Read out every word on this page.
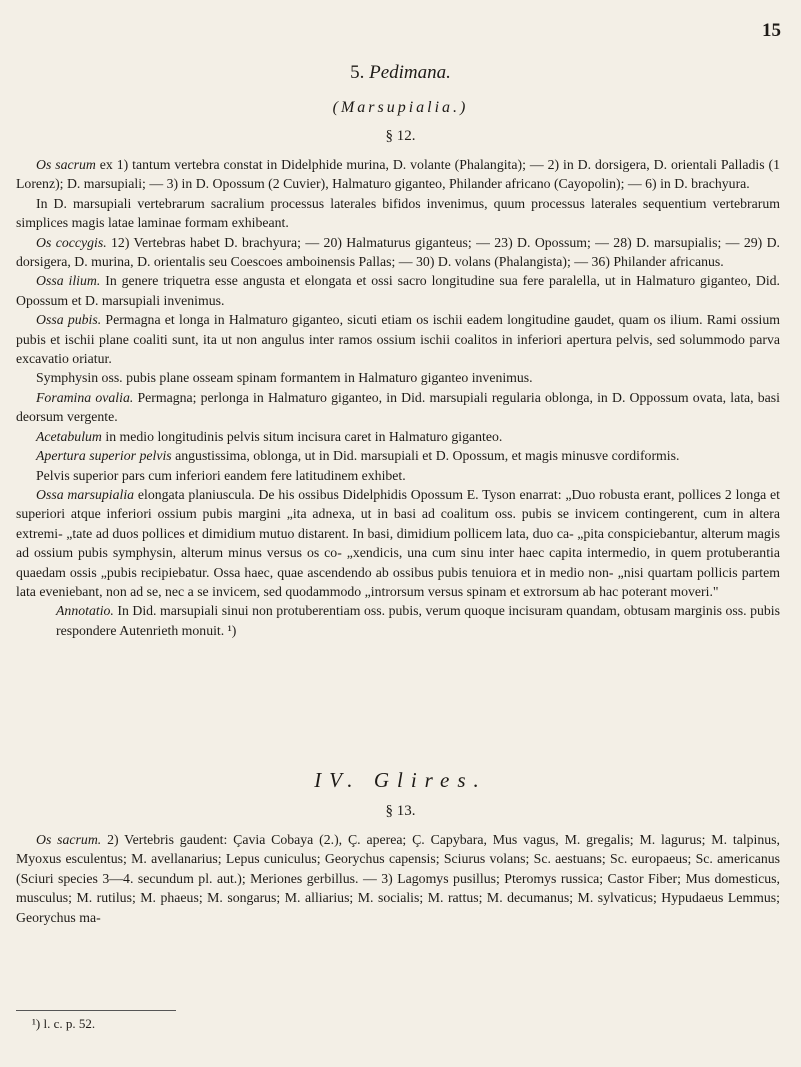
15
5. Pedimana.
(Marsupialia.)
§ 12.

Os sacrum ex 1) tantum vertebra constat in Didelphide murina, D. volante (Phalangita); — 2) in D. dorsigera, D. orientali Palladis (1 Lorenz); D. marsupiali; — 3) in D. Opossum (2 Cuvier), Halmaturo giganteo, Philander africano (Cayopolin); — 6) in D. brachyura.

In D. marsupiali vertebrarum sacralium processus laterales bifidos invenimus, quum processus laterales sequentium vertebrarum simplices magis latae laminae formam exhibeant.

Os coccygis. 12) Vertebras habet D. brachyura; — 20) Halmaturus giganteus; — 23) D. Opossum; — 28) D. marsupialis; — 29) D. dorsigera, D. murina, D. orientalis seu Coescoes amboinensis Pallas; — 30) D. volans (Phalangista); — 36) Philander africanus.

Ossa ilium. In genere triquetra esse angusta et elongata et ossi sacro longitudine sua fere paralella, ut in Halmaturo giganteo, Did. Opossum et D. marsupiali invenimus.

Ossa pubis. Permagna et longa in Halmaturo giganteo, sicuti etiam os ischii eadem longitudine gaudet, quam os ilium. Rami ossium pubis et ischii plane coaliti sunt, ita ut non angulus inter ramos ossium ischii coalitos in inferiori apertura pelvis, sed solummodo parva excavatio oriatur.

Symphysin oss. pubis plane osseam spinam formantem in Halmaturo giganteo invenimus.

Foramina ovalia. Permagna; perlonga in Halmaturo giganteo, in Did. marsupiali regularia oblonga, in D. Oppossum ovata, lata, basi deorsum vergente.

Acetabulum in medio longitudinis pelvis situm incisura caret in Halmaturo giganteo.

Apertura superior pelvis angustissima, oblonga, ut in Did. marsupiali et D. Opossum, et magis minusve cordiformis.

Pelvis superior pars cum inferiori eandem fere latitudinem exhibet.

Ossa marsupialia elongata planiuscula. De his ossibus Didelphidis Opossum E. Tyson enarrat: „Duo robusta erant, pollices 2 longa et superiori atque inferiori ossium pubis margini „ita adnexa, ut in basi ad coalitum oss. pubis se invicem contingerent, cum in altera extremi- „tate ad duos pollices et dimidium mutuo distarent. In basi, dimidium pollicem lata, duo ca- „pita conspiciebantur, alterum magis ad ossium pubis symphysin, alterum minus versus os co- „xendicis, una cum sinu inter haec capita intermedio, in quem protuberantia quaedam ossis „pubis recipiebatur. Ossa haec, quae ascendendo ab ossibus pubis tenuiora et in medio non- „nisi quartam pollicis partem lata eveniebant, non ad se, nec a se invicem, sed quodammodo „introrsum versus spinam et extrorsum ab hac poterant moveri."

Annotatio. In Did. marsupiali sinui non protuberentiam oss. pubis, verum quoque incisuram quandam, obtusam marginis oss. pubis respondere Autenrieth monuit. ¹)

IV. Glires.
§ 13.

Os sacrum. 2) Vertebris gaudent: Çavia Cobaya (2.), Ç. aperea; Ç. Capybara, Mus vagus, M. gregalis; M. lagurus; M. talpinus, Myoxus esculentus; M. avellanarius; Lepus cuniculus; Georychus capensis; Sciurus volans; Sc. aestuans; Sc. europaeus; Sc. americanus (Sciuri species 3—4. secundum pl. aut.); Meriones gerbillus. — 3) Lagomys pusillus; Pteromys russica; Castor Fiber; Mus domesticus, musculus; M. rutilus; M. phaeus; M. songarus; M. alliarius; M. socialis; M. rattus; M. decumanus; M. sylvaticus; Hypudaeus Lemmus; Georychus ma-

¹) l. c. p. 52.
